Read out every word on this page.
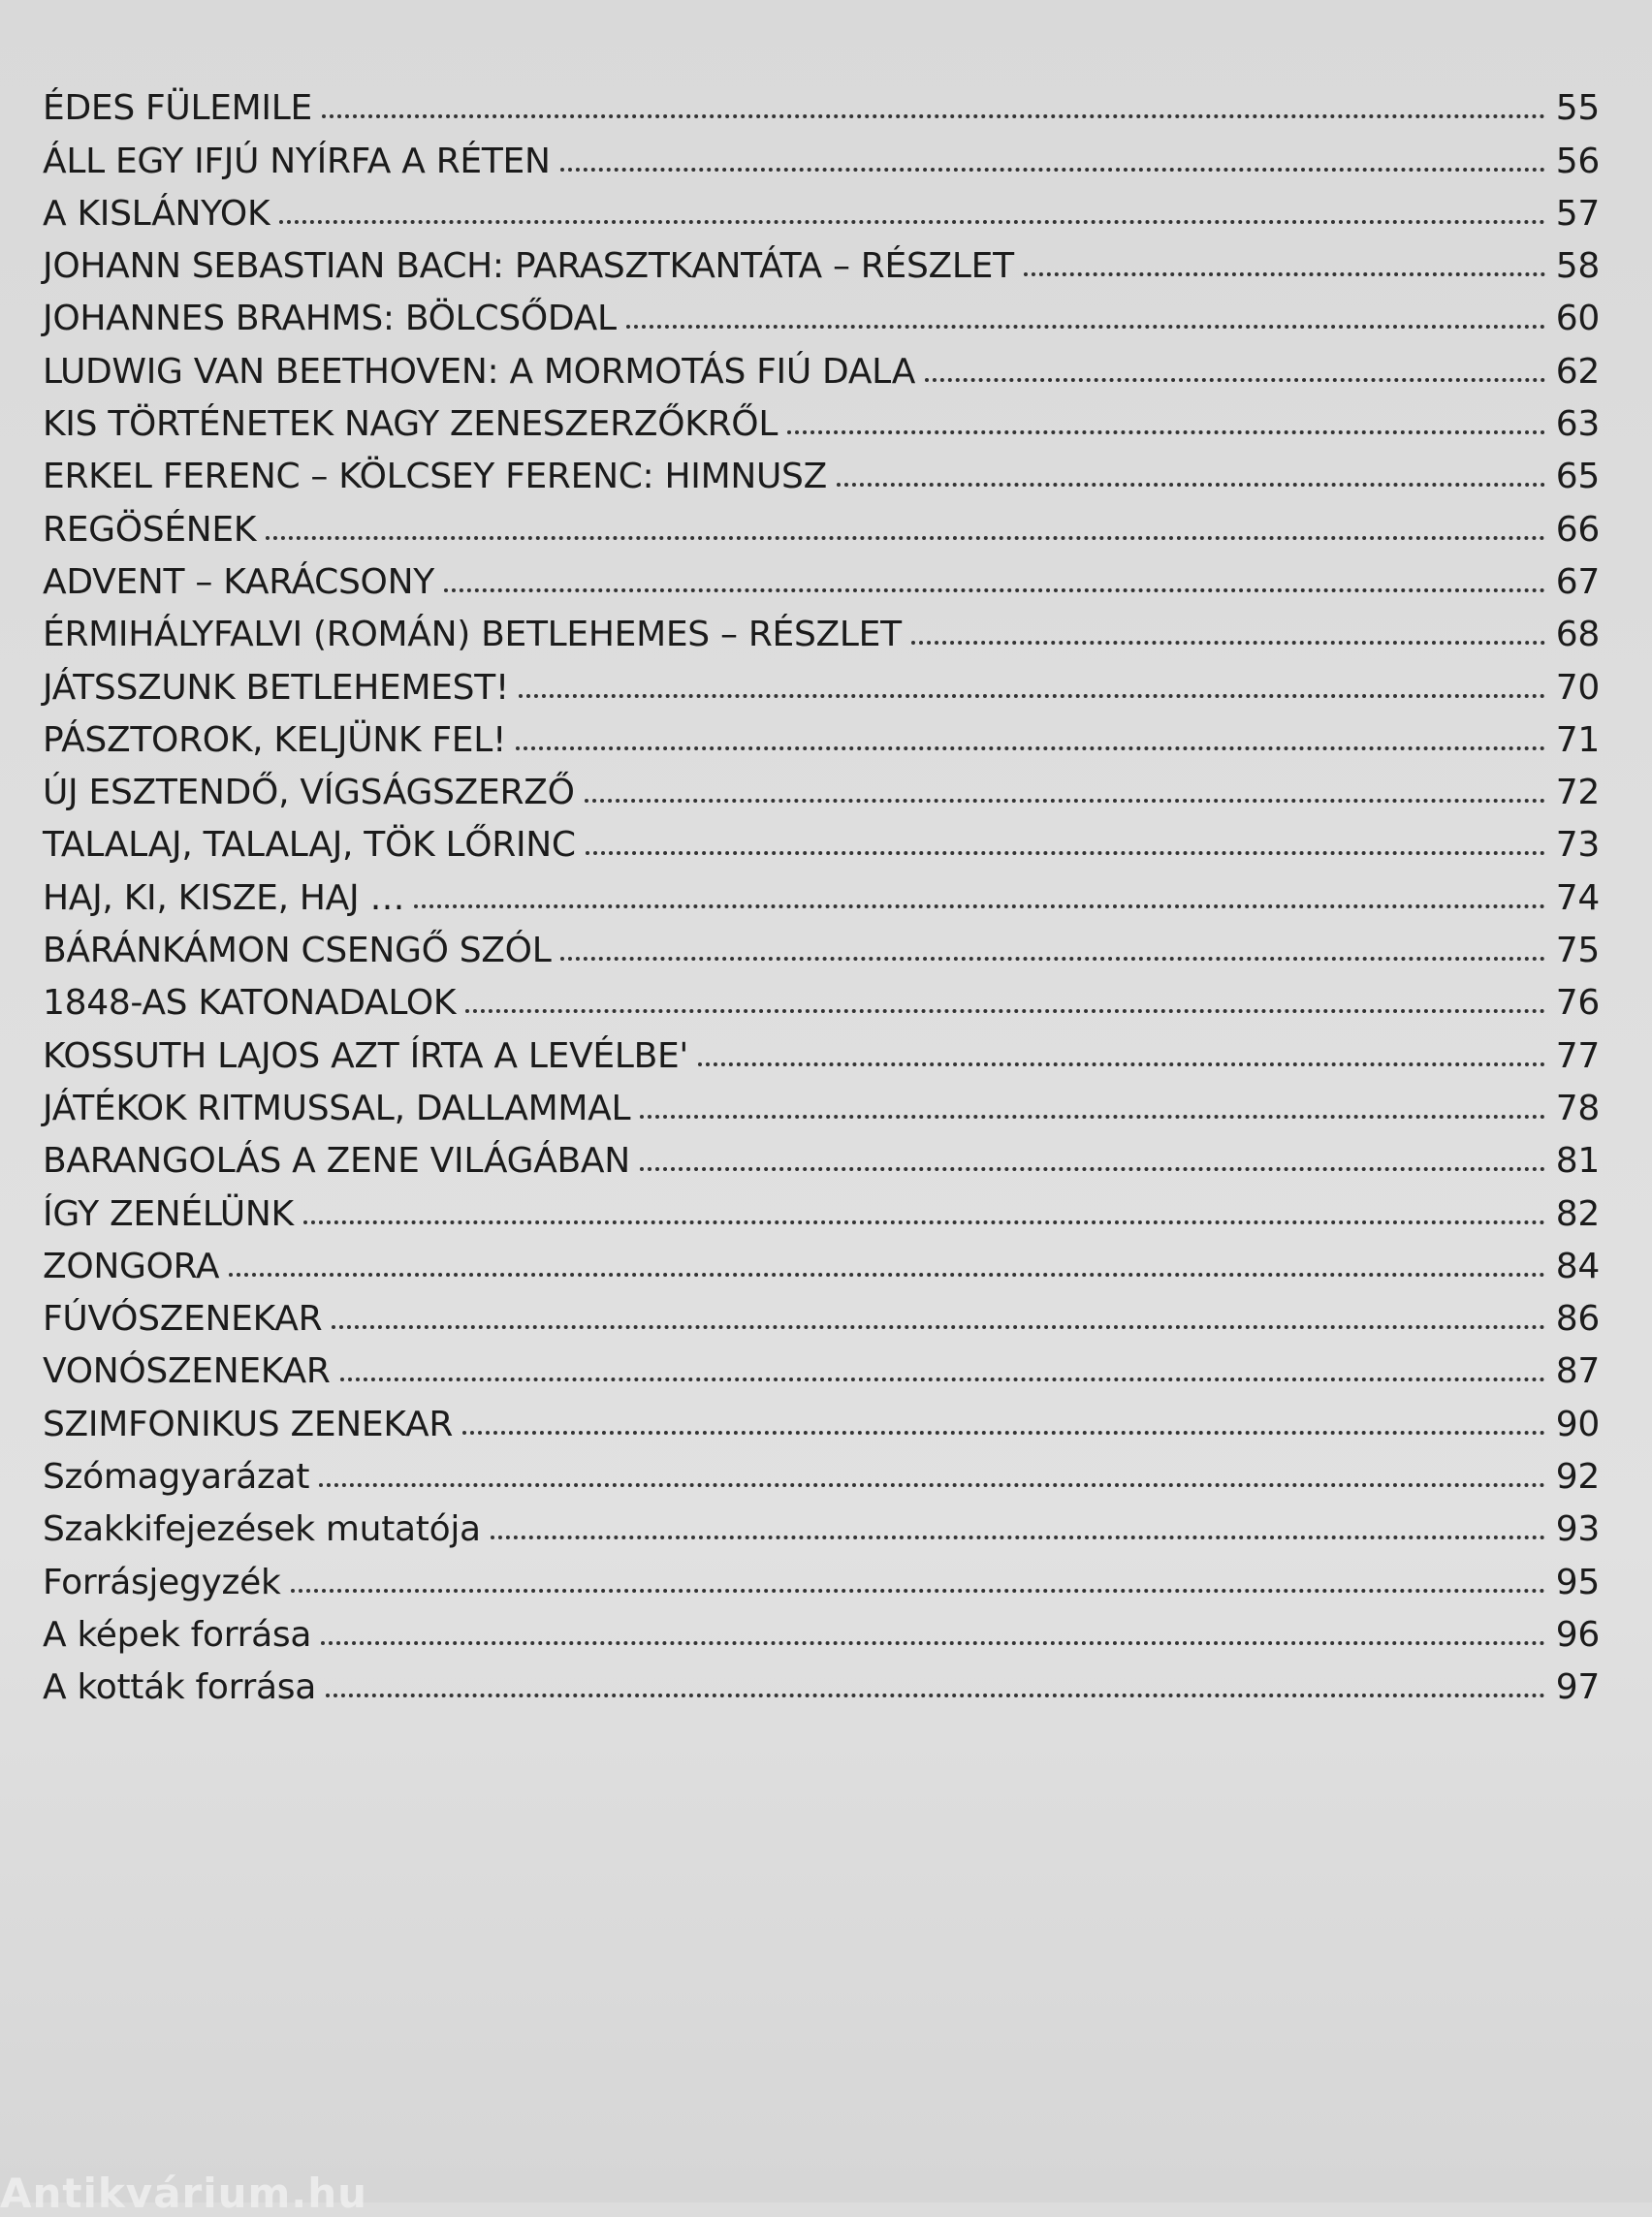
ÉDES FÜLEMILE	55
ÁLL EGY IFJÚ NYÍRFA A RÉTEN	56
A KISLÁNYOK	57
JOHANN SEBASTIAN BACH: PARASZTKANTÁTA – RÉSZLET	58
JOHANNES BRAHMS: BÖLCSŐDAL	60
LUDWIG VAN BEETHOVEN: A MORMOTÁS FIÚ DALA	62
KIS TÖRTÉNETEK NAGY ZENESZERZŐKRŐL	63
ERKEL FERENC – KÖLCSEY FERENC: HIMNUSZ	65
REGÖSÉNEK	66
ADVENT – KARÁCSONY	67
ÉRMIHÁLYFALVI (ROMÁN) BETLEHEMES – RÉSZLET	68
JÁTSSZUNK BETLEHEMEST!	70
PÁSZTOROK, KELJÜNK FEL!	71
ÚJ ESZTENDŐ, VÍGSÁGSZERZŐ	72
TALALAJ, TALALAJ, TÖK LŐRINC	73
HAJ, KI, KISZE, HAJ …	74
BÁRÁNKÁMON CSENGŐ SZÓL	75
1848-AS KATONADALOK	76
KOSSUTH LAJOS AZT ÍRTA A LEVÉLBE'	77
JÁTÉKOK RITMUSSAL, DALLAMMAL	78
BARANGOLÁS A ZENE VILÁGÁBAN	81
ÍGY ZENÉLÜNK	82
ZONGORA	84
FÚVÓSZENEKAR	86
VONÓSZENEKAR	87
SZIMFONIKUS ZENEKAR	90
Szómagyarázat	92
Szakkifejezések mutatója	93
Forrásjegyzék	95
A képek forrása	96
A kották forrása	97
Antikvárium.hu
